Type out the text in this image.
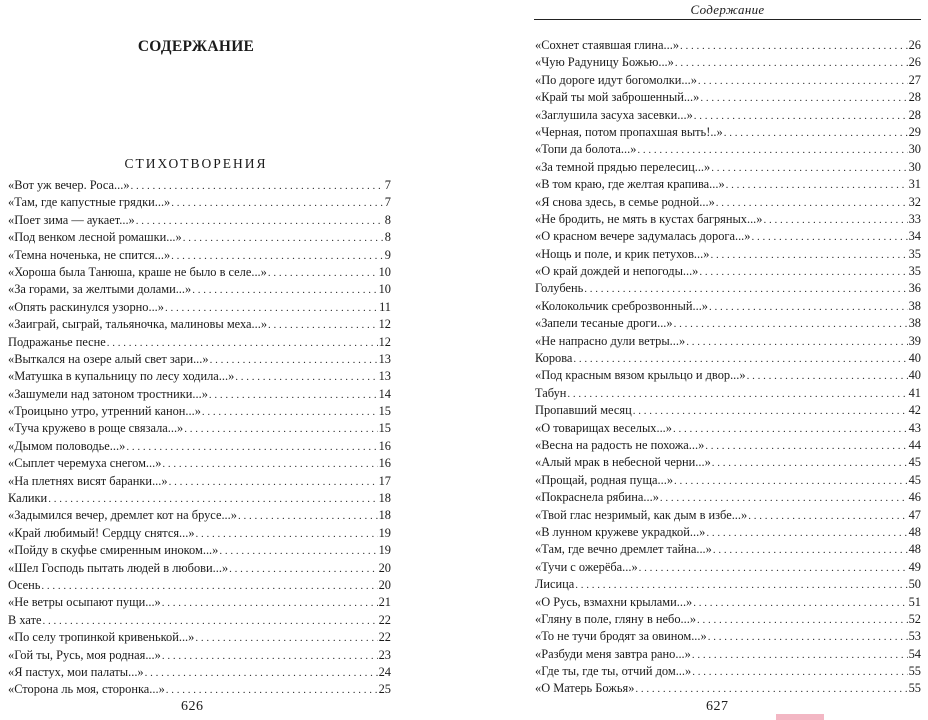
СОДЕРЖАНИЕ
СТИХОТВОРЕНИЯ
«Вот уж вечер. Роса...» . . .	7
«Там, где капустные грядки...» . . .	7
«Поет зима — аукает...» . . .	8
«Под венком лесной ромашки...» . . .	8
«Темна ноченька, не спится...» . . .	9
«Хороша была Танюша, краше не было в селе...» . . .	10
«За горами, за желтыми долами...» . . .	10
«Опять раскинулся узорно...» . . .	11
«Заиграй, сыграй, тальяночка, малиновы меха...» . . .	12
Подражанье песне . . .	12
«Выткался на озере алый свет зари...» . . .	13
«Матушка в купальницу по лесу ходила...» . . .	13
«Зашумели над затоном тростники...» . . .	14
«Троицыно утро, утренний канон...» . . .	15
«Туча кружево в роще связала...» . . .	15
«Дымом половодье...» . . .	16
«Сыплет черемуха снегом...» . . .	16
«На плетнях висят баранки...» . . .	17
Калики . . .	18
«Задымился вечер, дремлет кот на брусе...» . . .	18
«Край любимый! Сердцу снятся...» . . .	19
«Пойду в скуфье смиренным иноком...» . . .	19
«Шел Господь пытать людей в любови...» . . .	20
Осень . . .	20
«Не ветры осыпают пущи...» . . .	21
В хате . . .	22
«По селу тропинкой кривенькой...» . . .	22
«Гой ты, Русь, моя родная...» . . .	23
«Я пастух, мои палаты...» . . .	24
«Сторона ль моя, сторонка...» . . .	25
626
Содержание
«Сохнет стаявшая глина...» . . .	26
«Чую Радуницу Божью...» . . .	26
«По дороге идут богомолки...» . . .	27
«Край ты мой заброшенный...» . . .	28
«Заглушила засуха засевки...» . . .	28
«Черная, потом пропахшая выть!..» . . .	29
«Топи да болота...» . . .	30
«За темной прядью перелесиц...» . . .	30
«В том краю, где желтая крапива...» . . .	31
«Я снова здесь, в семье родной...» . . .	32
«Не бродить, не мять в кустах багряных...» . . .	33
«О красном вечере задумалась дорога...» . . .	34
«Нощь и поле, и крик петухов...» . . .	35
«О край дождей и непогоды...» . . .	35
Голубень . . .	36
«Колокольчик среброзвонный...» . . .	38
«Запели тесаные дроги...» . . .	38
«Не напрасно дули ветры...» . . .	39
Корова . . .	40
«Под красным вязом крыльцо и двор...» . . .	40
Табун . . .	41
Пропавший месяц . . .	42
«О товарищах веселых...» . . .	43
«Весна на радость не похожа...» . . .	44
«Алый мрак в небесной черни...» . . .	45
«Прощай, родная пуща...» . . .	45
«Покраснела рябина...» . . .	46
«Твой глас незримый, как дым в избе...» . . .	47
«В лунном кружеве украдкой...» . . .	48
«Там, где вечно дремлет тайна...» . . .	48
«Тучи с ожерёба...» . . .	49
Лисица . . .	50
«О Русь, взмахни крылами...» . . .	51
«Гляну в поле, гляну в небо...» . . .	52
«То не тучи бродят за овином...» . . .	53
«Разбуди меня завтра рано...» . . .	54
«Где ты, где ты, отчий дом...» . . .	55
«О Матерь Божья» . . .	55
627
